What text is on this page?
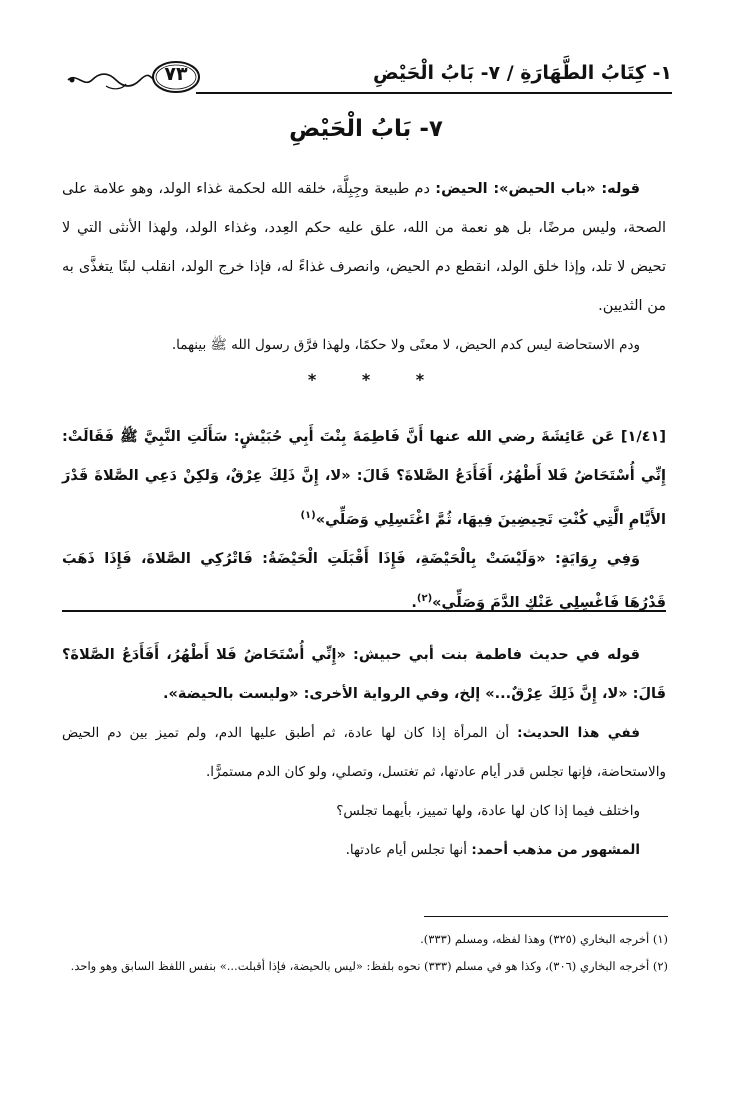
١- كِتَابُ الطَّهَارَةِ / ٧- بَابُ الْحَيْضِ
٧٣
٧- بَابُ الْحَيْضِ

قوله: «باب الحيض»: الحيض: دم طبيعة وجِبِلَّة، خلقه الله لحكمة غذاء الولد، وهو علامة على الصحة، وليس مرضًا، بل هو نعمة من الله، علق عليه حكم العِدد، وغذاء الولد، ولهذا الأنثى التي لا تحيض لا تلد، وإذا خلق الولد، انقطع دم الحيض، وانصرف غذاءً له، فإذا خرج الولد، انقلب لبنًا يتغذَّى به من الثديين.

ودم الاستحاضة ليس كدم الحيض، لا معنًى ولا حكمًا، ولهذا فرَّق رسول الله ﷺ بينهما.

* * *

[١/٤١] عَن عَائِشَةَ رضي الله عنها أَنَّ فَاطِمَةَ بِنْتَ أَبِي حُبَيْشٍ: سَأَلَتِ النَّبِيَّ ﷺ فَقَالَتْ: إِنِّي أُسْتَحَاضُ فَلا أَطْهُرُ، أَفَأَدَعُ الصَّلاةَ؟ قَالَ: «لا، إِنَّ ذَلِكَ عِرْقٌ، وَلكِنْ دَعِي الصَّلاةَ قَدْرَ الأَيَّامِ الَّتِي كُنْتِ تَحِيضِينَ فِيهَا، ثُمَّ اغْتَسِلِي وَصَلِّي»$^{(١)}$

وَفِي رِوَايَةٍ: «وَلَيْسَتْ بِالْحَيْضَةِ، فَإِذَا أَقْبَلَتِ الْحَيْضَةُ: فَاتْرُكِي الصَّلاةَ، فَإِذَا ذَهَبَ قَدْرُهَا فَاغْسِلِي عَنْكِ الدَّمَ وَصَلِّي»$^{(٢)}$.

قوله في حديث فاطمة بنت أبي حبيش: «إِنِّي أُسْتَحَاضُ فَلا أَطْهُرُ، أَفَأَدَعُ الصَّلاةَ؟ قَالَ: «لا، إِنَّ ذَلِكَ عِرْقٌ...» إلخ، وفي الرواية الأخرى: «وليست بالحيضة».

ففي هذا الحديث: أن المرأة إذا كان لها عادة، ثم أطبق عليها الدم، ولم تميز بين دم الحيض والاستحاضة، فإنها تجلس قدر أيام عادتها، ثم تغتسل، وتصلي، ولو كان الدم مستمرًّا.

واختلف فيما إذا كان لها عادة، ولها تمييز، بأيهما تجلس؟

المشهور من مذهب أحمد: أنها تجلس أيام عادتها.

(١) أخرجه البخاري (٣٢٥) وهذا لفظه، ومسلم (٣٣٣).

(٢) أخرجه البخاري (٣٠٦)، وكذا هو في مسلم (٣٣٣) نحوه بلفظ: «ليس بالحيضة، فإذا أقبلت...» بنفس اللفظ السابق وهو واحد.
